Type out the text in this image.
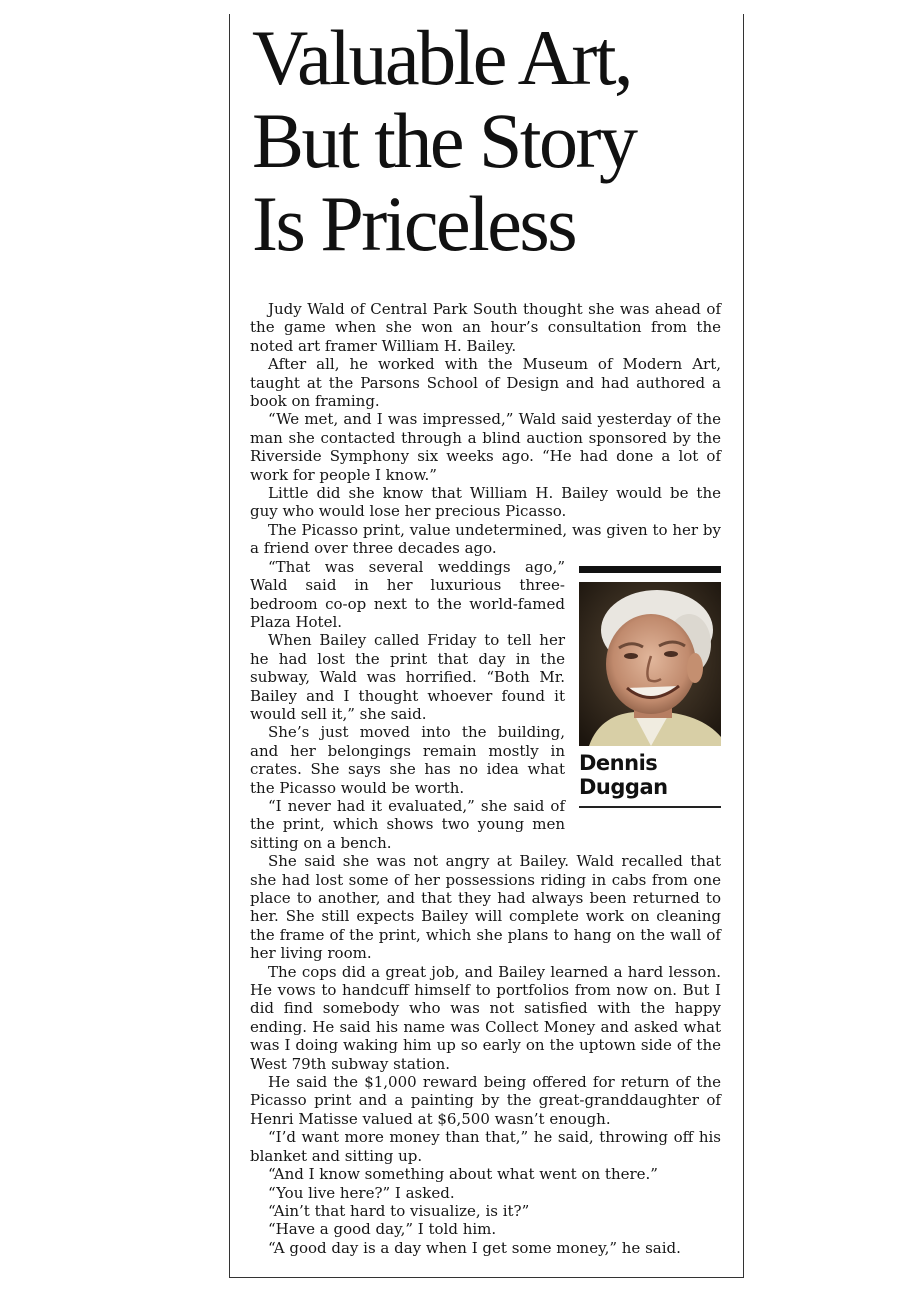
Valuable Art,
But the Story
Is Priceless

Judy Wald of Central Park South thought she was ahead of the game when she won an hour’s consultation from the noted art framer William H. Bailey.

After all, he worked with the Museum of Modern Art, taught at the Parsons School of Design and had authored a book on framing.

“We met, and I was impressed,” Wald said yesterday of the man she contacted through a blind auction sponsored by the Riverside Symphony six weeks ago. “He had done a lot of work for people I know.”

Little did she know that William H. Bailey would be the guy who would lose her precious Picasso.

The Picasso print, value undetermined, was given to her by a friend over three decades ago.

Dennis
Duggan

“That was several weddings ago,” Wald said in her luxurious three-bedroom co-op next to the world-famed Plaza Hotel.

When Bailey called Friday to tell her he had lost the print that day in the subway, Wald was horrified. “Both Mr. Bailey and I thought whoever found it would sell it,” she said.

She’s just moved into the building, and her belongings remain mostly in crates. She says she has no idea what the Picasso would be worth.

“I never had it evaluated,” she said of the print, which shows two young men sitting on a bench.

She said she was not angry at Bailey. Wald recalled that she had lost some of her possessions riding in cabs from one place to another, and that they had always been returned to her. She still expects Bailey will complete work on cleaning the frame of the print, which she plans to hang on the wall of her living room.

The cops did a great job, and Bailey learned a hard lesson. He vows to handcuff himself to portfolios from now on. But I did find somebody who was not satisfied with the happy ending. He said his name was Collect Money and asked what was I doing waking him up so early on the uptown side of the West 79th subway station.

He said the $1,000 reward being offered for return of the Picasso print and a painting by the great-granddaughter of Henri Matisse valued at $6,500 wasn’t enough.

“I’d want more money than that,” he said, throwing off his blanket and sitting up.

“And I know something about what went on there.”

“You live here?” I asked.

“Ain’t that hard to visualize, is it?”

“Have a good day,” I told him.

“A good day is a day when I get some money,” he said.
